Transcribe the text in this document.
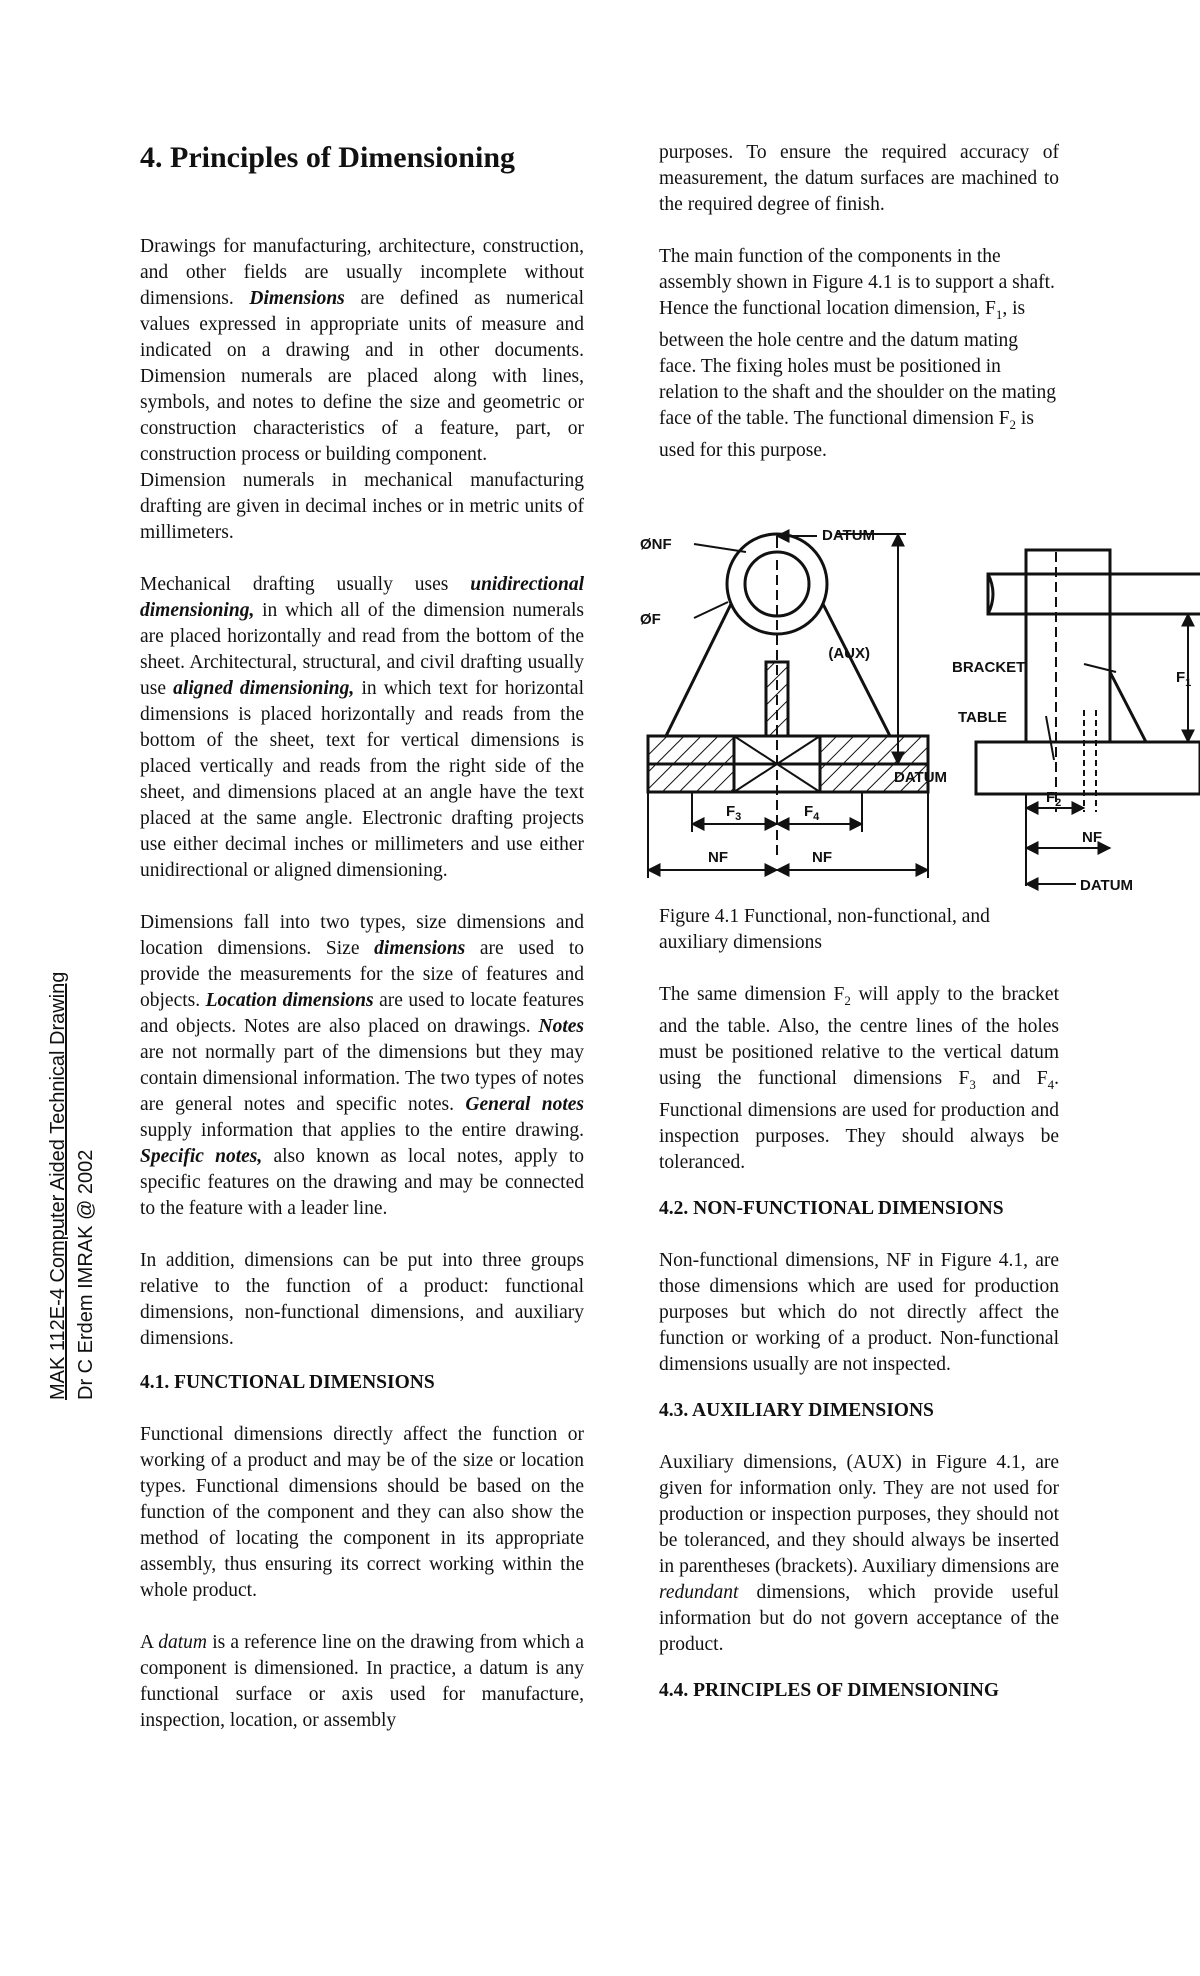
MAK 112E-4 Computer Aided Technical Drawing Dr C Erdem IMRAK @ 2002
4. Principles of Dimensioning

Drawings for manufacturing, architecture, construction, and other fields are usually incomplete without dimensions. Dimensions are defined as numerical values expressed in appropriate units of measure and indicated on a drawing and in other documents. Dimension numerals are placed along with lines, symbols, and notes to define the size and geometric or construction characteristics of a feature, part, or construction process or building component.

Dimension numerals in mechanical manufacturing drafting are given in decimal inches or in metric units of millimeters.

Mechanical drafting usually uses unidirectional dimensioning, in which all of the dimension numerals are placed horizontally and read from the bottom of the sheet. Architectural, structural, and civil drafting usually use aligned dimensioning, in which text for horizontal dimensions is placed horizontally and reads from the bottom of the sheet, text for vertical dimensions is placed vertically and reads from the right side of the sheet, and dimensions placed at an angle have the text placed at the same angle. Electronic drafting projects use either decimal inches or millimeters and use either unidirectional or aligned dimensioning.

Dimensions fall into two types, size dimensions and location dimensions. Size dimensions are used to provide the measurements for the size of features and objects. Location dimensions are used to locate features and objects. Notes are also placed on drawings. Notes are not normally part of the dimensions but they may contain dimensional information. The two types of notes are general notes and specific notes. General notes supply information that applies to the entire drawing. Specific notes, also known as local notes, apply to specific features on the drawing and may be connected to the feature with a leader line.

In addition, dimensions can be put into three groups relative to the function of a product: functional dimensions, non-functional dimensions, and auxiliary dimensions.

4.1. FUNCTIONAL DIMENSIONS

Functional dimensions directly affect the function or working of a product and may be of the size or location types. Functional dimensions should be based on the function of the component and they can also show the method of locating the component in its appropriate assembly, thus ensuring its correct working within the whole product.

A datum is a reference line on the drawing from which a component is dimensioned. In practice, a datum is any functional surface or axis used for manufacture, inspection, location, or assembly

purposes. To ensure the required accuracy of measurement, the datum surfaces are machined to the required degree of finish.

The main function of the components in the assembly shown in Figure 4.1 is to support a shaft. Hence the functional location dimension, $F_1$, is between the hole centre and the datum mating face. The fixing holes must be positioned in relation to the shaft and the shoulder on the mating face of the table. The functional dimension $F_2$ is used for this purpose.

Figure 4.1 Functional, non-functional, and auxiliary dimensions

The same dimension $F_2$ will apply to the bracket and the table. Also, the centre lines of the holes must be positioned relative to the vertical datum using the functional dimensions $F_3$ and $F_4$. Functional dimensions are used for production and inspection purposes. They should always be toleranced.

4.2. NON-FUNCTIONAL DIMENSIONS

Non-functional dimensions, NF in Figure 4.1, are those dimensions which are used for production purposes but which do not directly affect the function or working of a product. Non-functional dimensions usually are not inspected.

4.3. AUXILIARY DIMENSIONS

Auxiliary dimensions, (AUX) in Figure 4.1, are given for information only. They are not used for production or inspection purposes, they should not be toleranced, and they should always be inserted in parentheses (brackets). Auxiliary dimensions are redundant dimensions, which provide useful information but do not govern acceptance of the product.

4.4. PRINCIPLES OF DIMENSIONING
ØNF
ØF
DATUM
(AUX)
DATUM
$F_3$	$F_4$
NF	NF
BRACKET
TABLE
$F_1$
$F_2$
NF
DATUM
